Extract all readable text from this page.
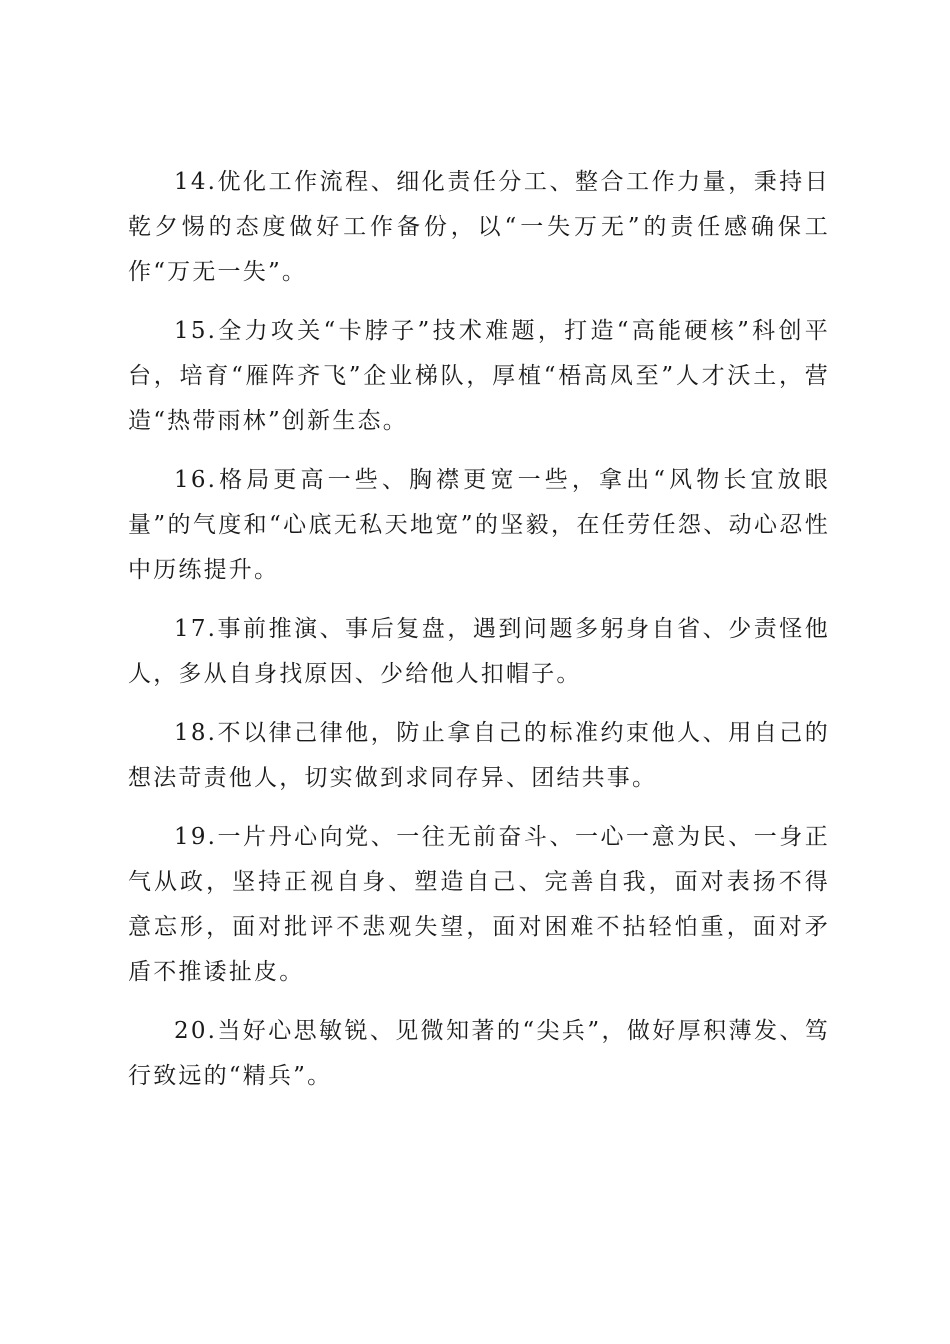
14.优化工作流程、细化责任分工、整合工作力量，秉持日乾夕惕的态度做好工作备份，以“一失万无”的责任感确保工作“万无一失”。

15.全力攻关“卡脖子”技术难题，打造“高能硬核”科创平台，培育“雁阵齐飞”企业梯队，厚植“梧高凤至”人才沃土，营造“热带雨林”创新生态。

16.格局更高一些、胸襟更宽一些，拿出“风物长宜放眼量”的气度和“心底无私天地宽”的坚毅，在任劳任怨、动心忍性中历练提升。

17.事前推演、事后复盘，遇到问题多躬身自省、少责怪他人，多从自身找原因、少给他人扣帽子。

18.不以律己律他，防止拿自己的标准约束他人、用自己的想法苛责他人，切实做到求同存异、团结共事。

19.一片丹心向党、一往无前奋斗、一心一意为民、一身正气从政，坚持正视自身、塑造自己、完善自我，面对表扬不得意忘形，面对批评不悲观失望，面对困难不拈轻怕重，面对矛盾不推诿扯皮。

20.当好心思敏锐、见微知著的“尖兵”，做好厚积薄发、笃行致远的“精兵”。
